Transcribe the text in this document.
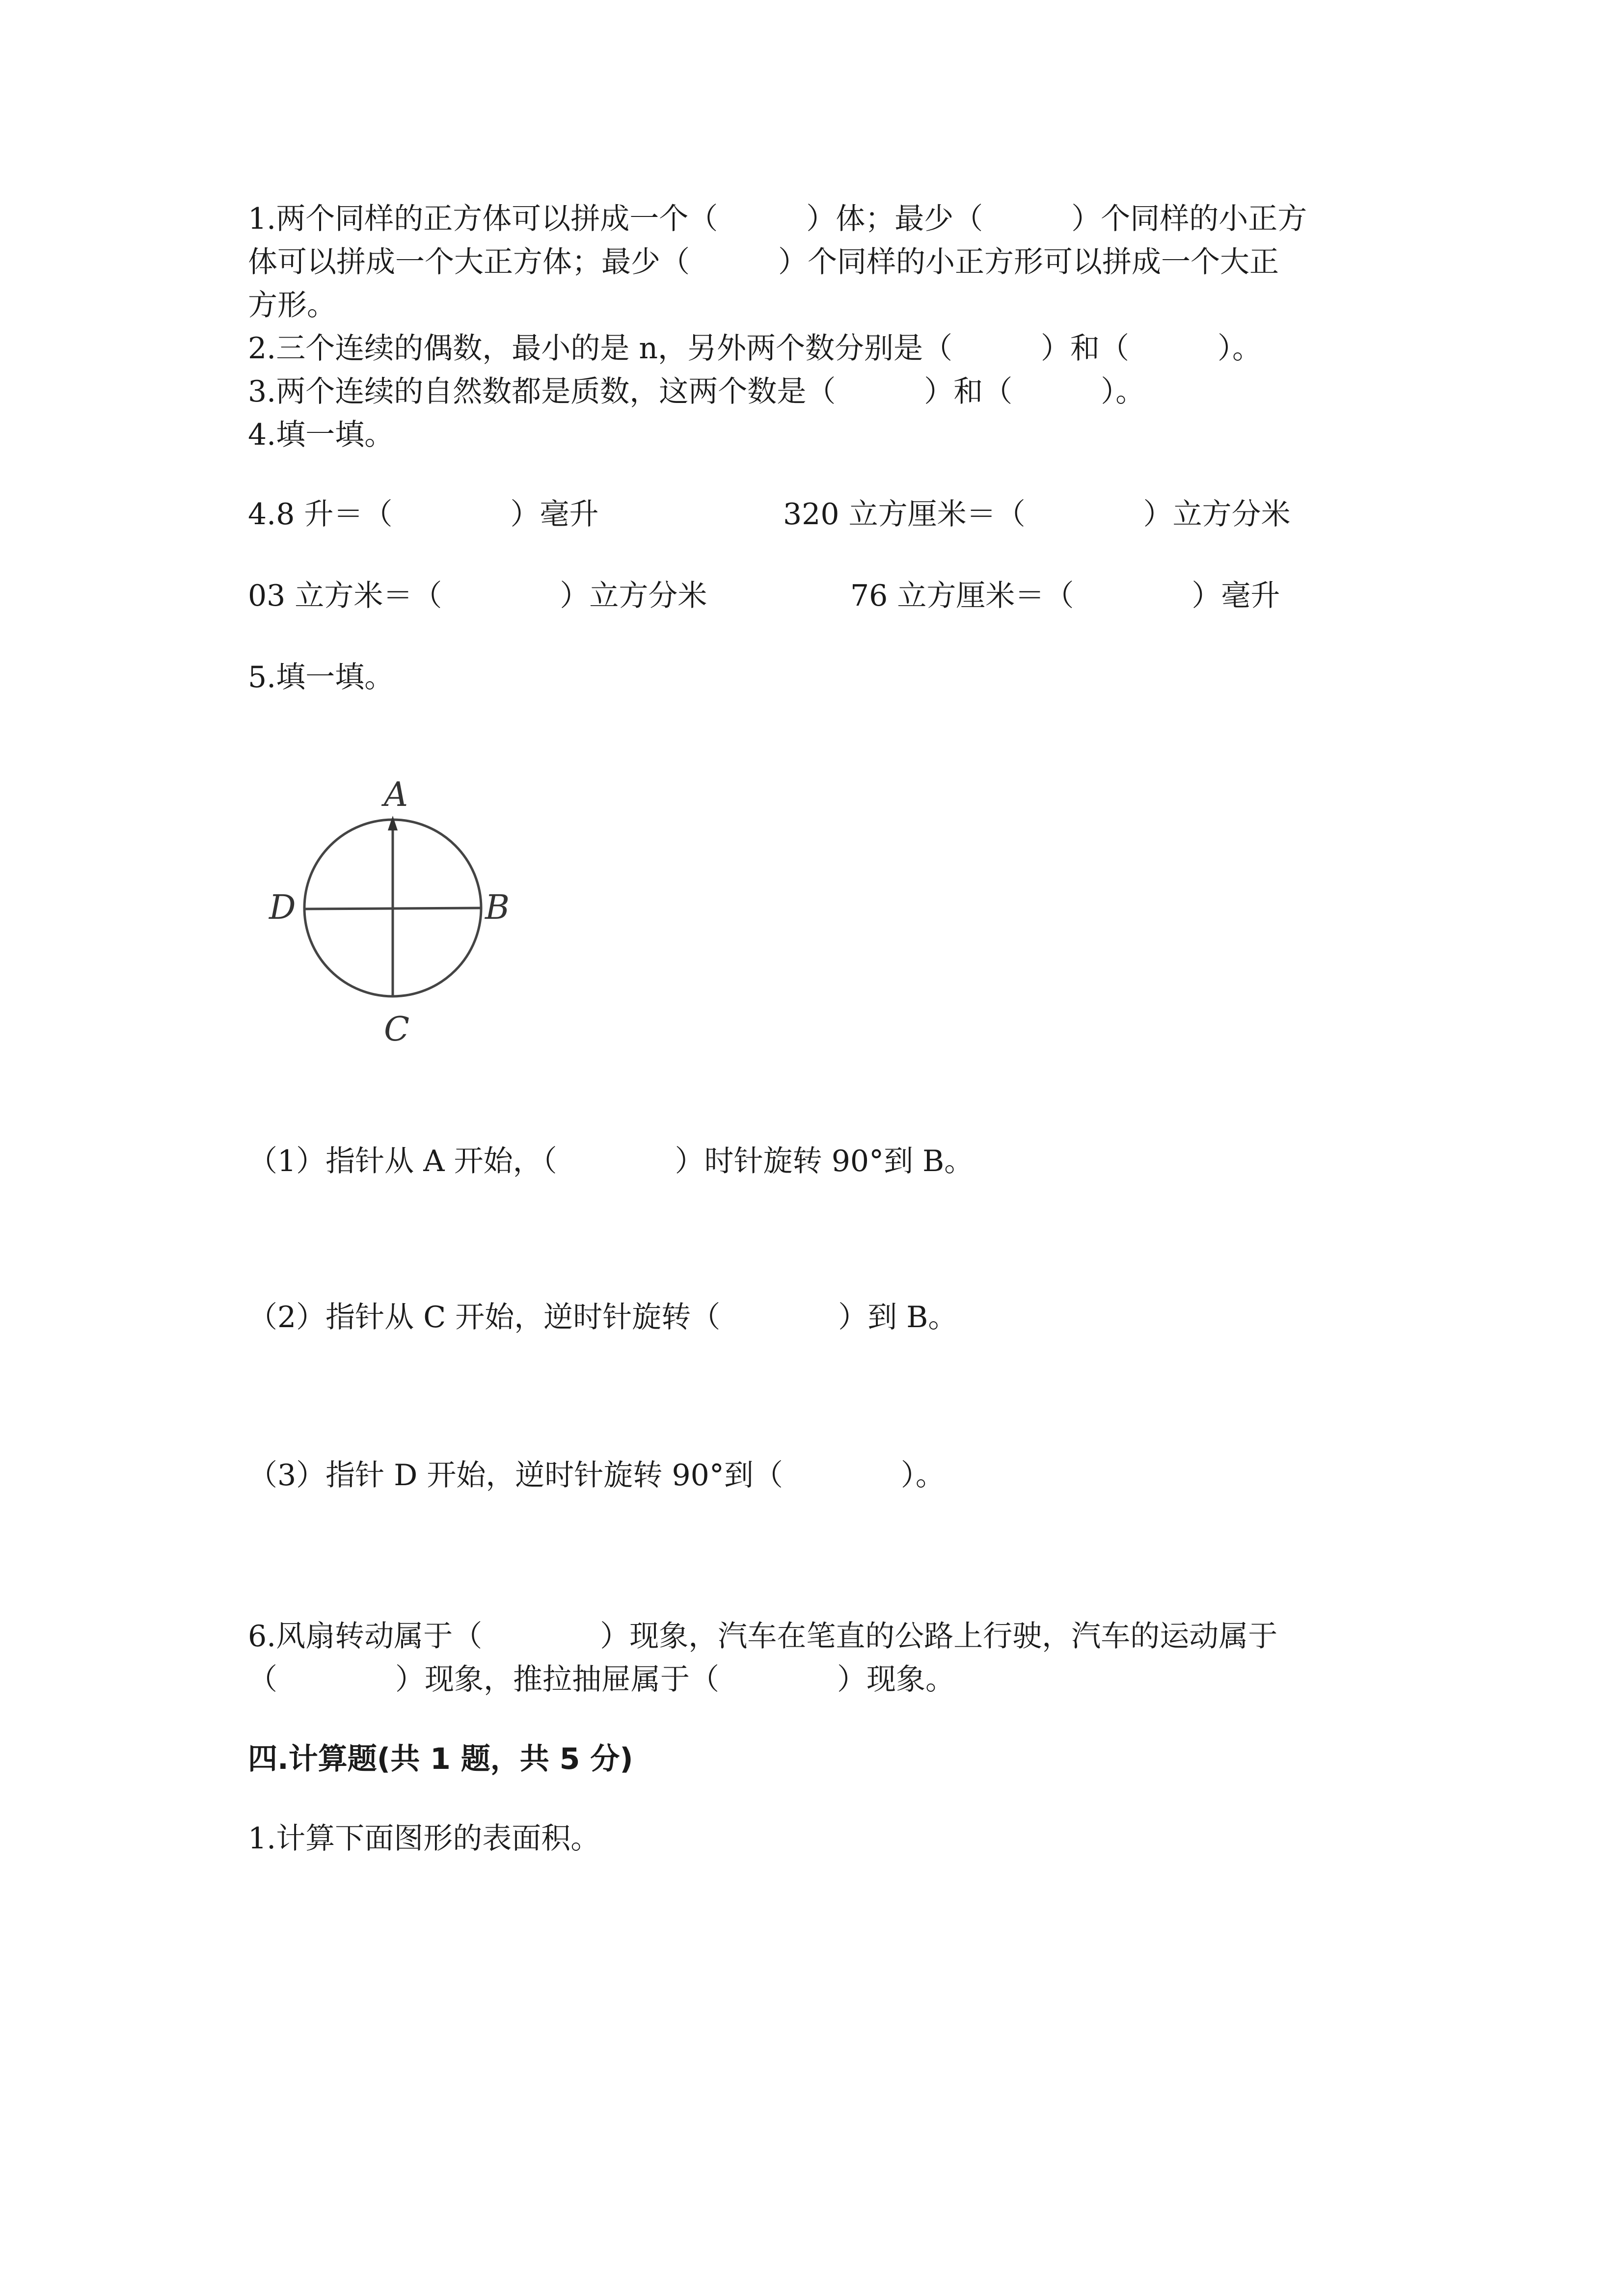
1.两个同样的正方体可以拼成一个（　　　）体；最少（　　　）个同样的小正方
体可以拼成一个大正方体；最少（　　　）个同样的小正方形可以拼成一个大正
方形。
2.三个连续的偶数，最小的是 n，另外两个数分别是（　　　）和（　　　）。
3.两个连续的自然数都是质数，这两个数是（　　　）和（　　　）。
4.填一填。
4.8 升＝（　　　　）毫升	320 立方厘米＝（　　　　）立方分米
03 立方米＝（　　　　）立方分米	76 立方厘米＝（　　　　）毫升
5.填一填。
A
B
C
D
（1）指针从 A 开始，（　　　　）时针旋转 90°到 B。
（2）指针从 C 开始，逆时针旋转（　　　　）到 B。
（3）指针 D 开始，逆时针旋转 90°到（　　　　）。
6.风扇转动属于（　　　　）现象，汽车在笔直的公路上行驶，汽车的运动属于
（　　　　）现象，推拉抽屉属于（　　　　）现象。
四.计算题(共 1 题，共 5 分)
1.计算下面图形的表面积。
